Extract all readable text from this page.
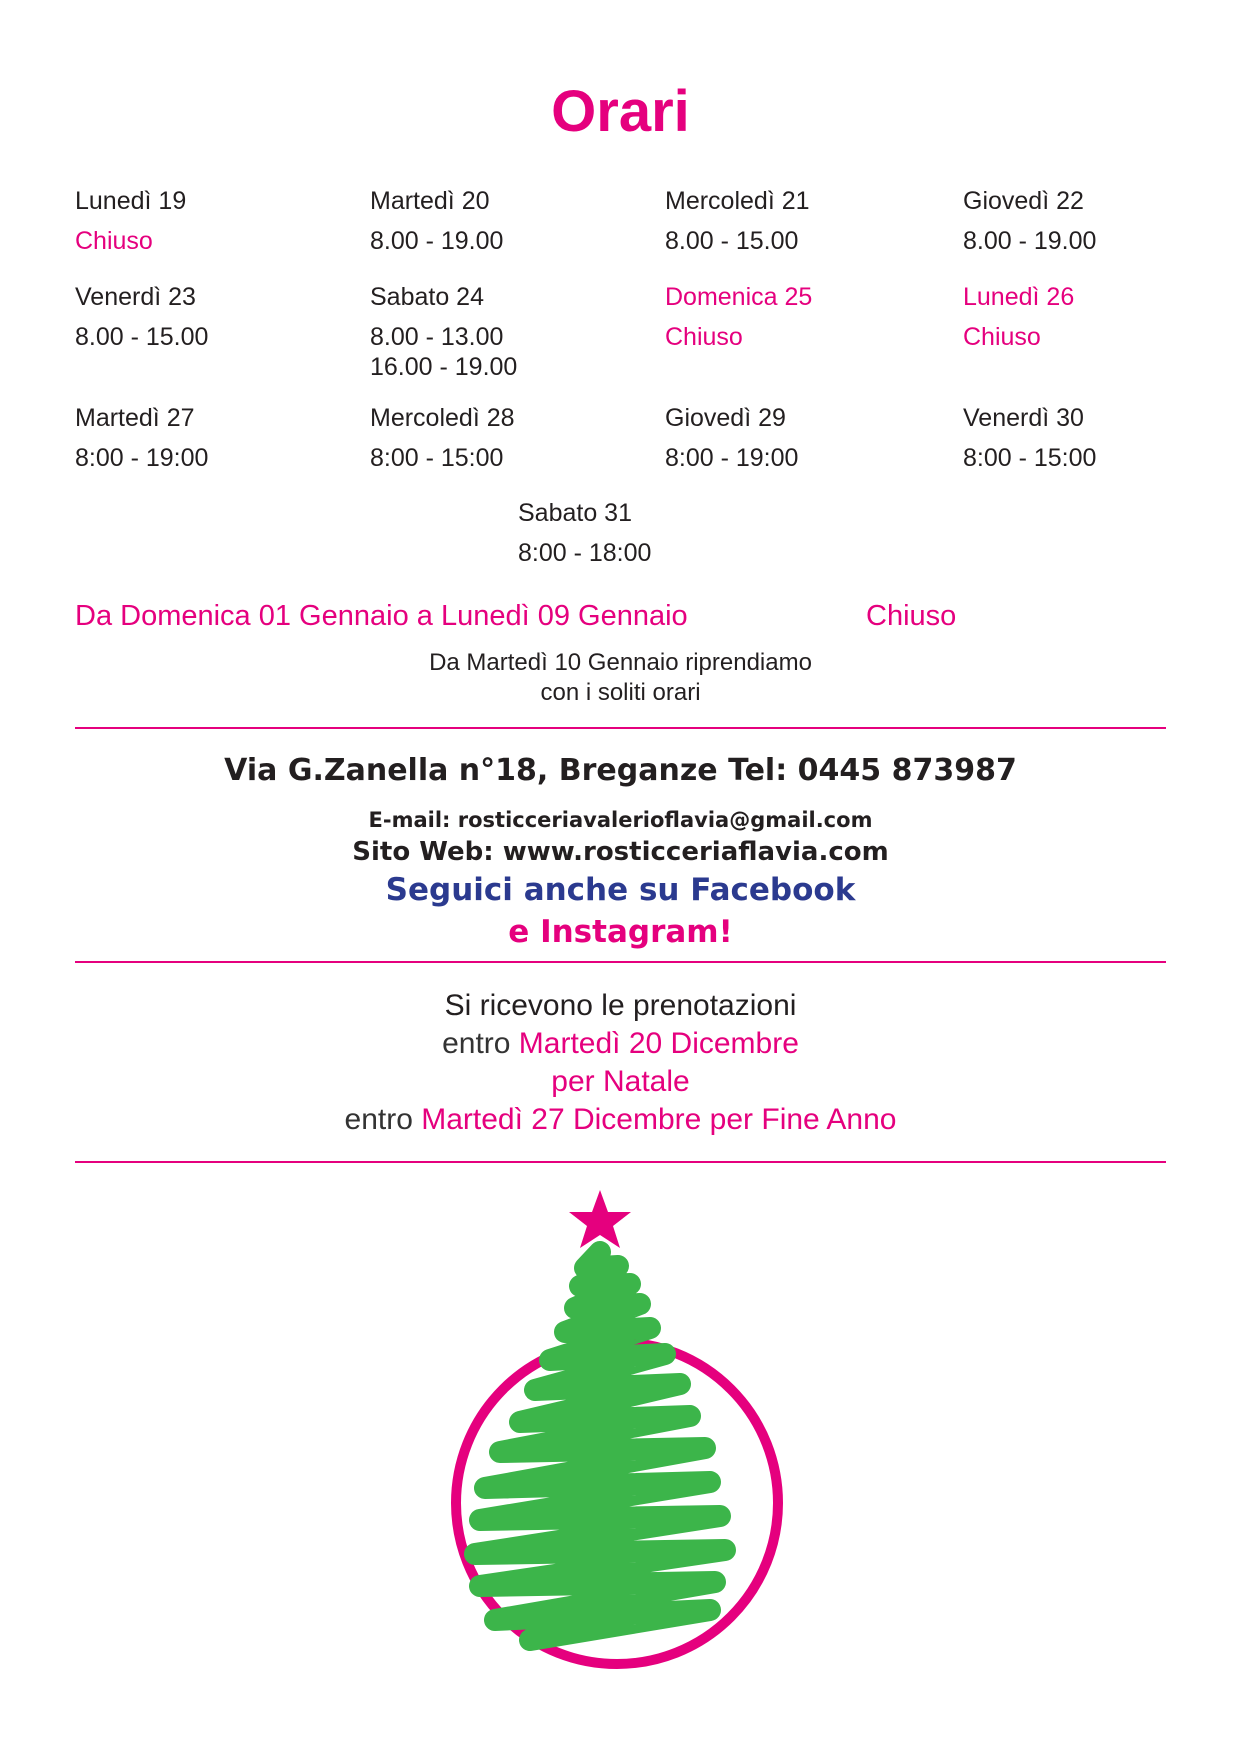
Orari
Lunedì 19
Chiuso
Martedì 20
8.00 - 19.00
Mercoledì 21
8.00 - 15.00
Giovedì 22
8.00 - 19.00
Venerdì 23
8.00 - 15.00
Sabato 24
8.00 - 13.00
16.00 - 19.00
Domenica 25
Chiuso
Lunedì 26
Chiuso
Martedì 27
8:00 - 19:00
Mercoledì 28
8:00 - 15:00
Giovedì 29
8:00 - 19:00
Venerdì 30
8:00 - 15:00
Sabato 31
8:00 - 18:00
Da Domenica 01 Gennaio a Lunedì 09 Gennaio	Chiuso
Da Martedì 10 Gennaio riprendiamo
con i soliti orari
Via G.Zanella n°18, Breganze Tel: 0445 873987
E-mail: rosticceriavalerioflavia@gmail.com
Sito Web: www.rosticceriaflavia.com
Seguici anche su Facebook
e Instagram!
Si ricevono le prenotazioni
entro Martedì 20 Dicembre
per Natale
entro Martedì 27 Dicembre per Fine Anno
